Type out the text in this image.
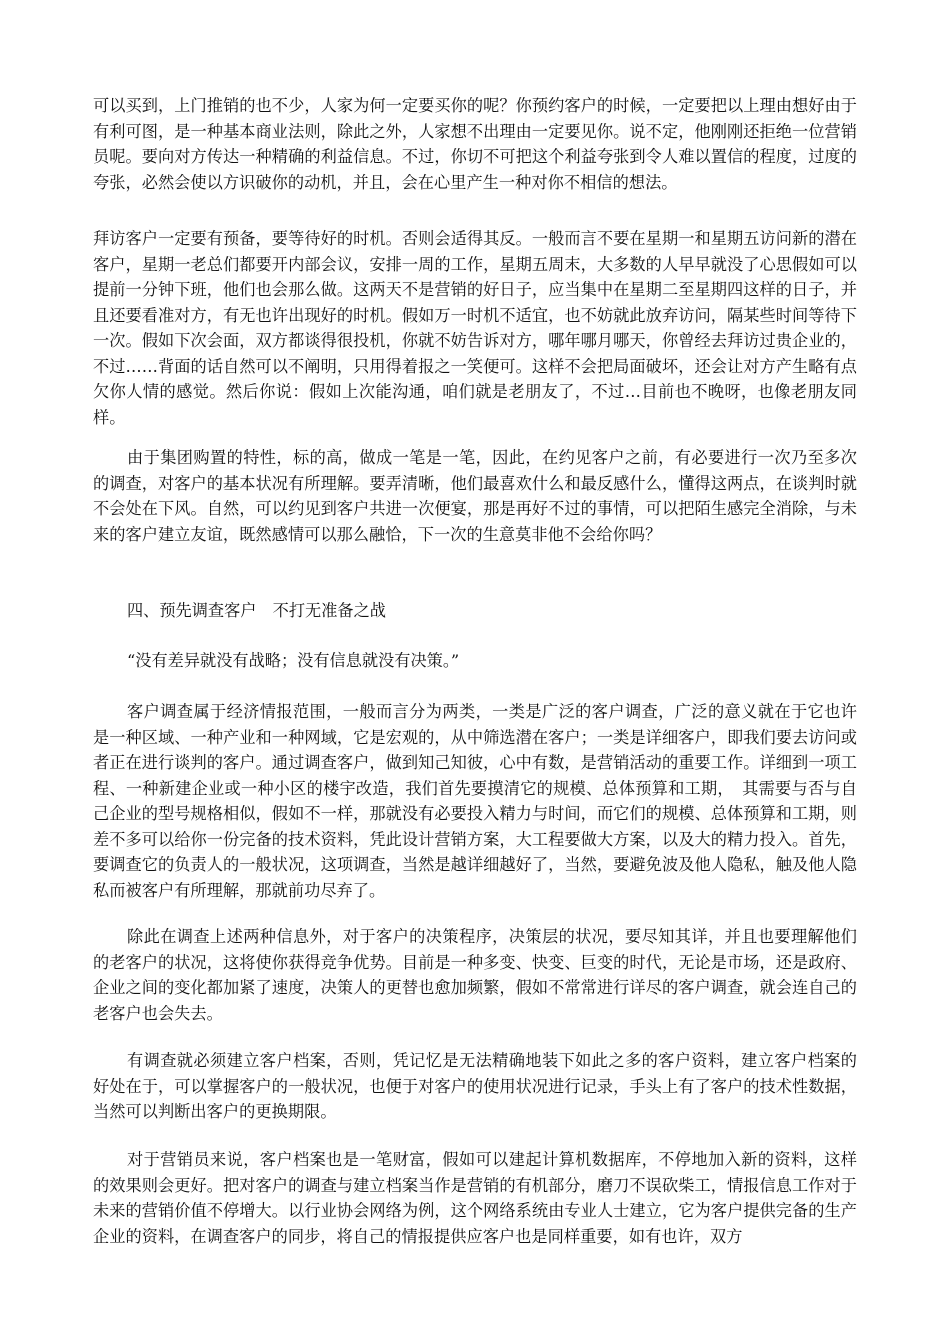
可以买到，上门推销的也不少，人家为何一定要买你的呢？你预约客户的时候，一定要把以上理由想好由于有利可图，是一种基本商业法则，除此之外，人家想不出理由一定要见你。说不定，他刚刚还拒绝一位营销员呢。要向对方传达一种精确的利益信息。不过，你切不可把这个利益夸张到令人难以置信的程度，过度的夸张，必然会使以方识破你的动机，并且，会在心里产生一种对你不相信的想法。

拜访客户一定要有预备，要等待好的时机。否则会适得其反。一般而言不要在星期一和星期五访问新的潜在客户，星期一老总们都要开内部会议，安排一周的工作，星期五周末，大多数的人早早就没了心思假如可以提前一分钟下班，他们也会那么做。这两天不是营销的好日子，应当集中在星期二至星期四这样的日子，并且还要看准对方，有无也许出现好的时机。假如万一时机不适宜，也不妨就此放弃访问，隔某些时间等待下一次。假如下次会面，双方都谈得很投机，你就不妨告诉对方，哪年哪月哪天，你曾经去拜访过贵企业的，不过……背面的话自然可以不阐明，只用得着报之一笑便可。这样不会把局面破坏，还会让对方产生略有点欠你人情的感觉。然后你说：假如上次能沟通，咱们就是老朋友了，不过…目前也不晚呀，也像老朋友同样。

由于集团购置的特性，标的高，做成一笔是一笔，因此，在约见客户之前，有必要进行一次乃至多次的调查，对客户的基本状况有所理解。要弄清晰，他们最喜欢什么和最反感什么，懂得这两点，在谈判时就不会处在下风。自然，可以约见到客户共进一次便宴，那是再好不过的事情，可以把陌生感完全消除，与未来的客户建立友谊，既然感情可以那么融恰，下一次的生意莫非他不会给你吗？

四、预先调查客户　不打无准备之战

“没有差异就没有战略；没有信息就没有决策。”

客户调查属于经济情报范围，一般而言分为两类，一类是广泛的客户调查，广泛的意义就在于它也许是一种区域、一种产业和一种网域，它是宏观的，从中筛选潜在客户；一类是详细客户，即我们要去访问或者正在进行谈判的客户。通过调查客户，做到知己知彼，心中有数，是营销活动的重要工作。详细到一项工程、一种新建企业或一种小区的楼宇改造，我们首先要摸清它的规模、总体预算和工期，　其需要与否与自己企业的型号规格相似，假如不一样，那就没有必要投入精力与时间，而它们的规模、总体预算和工期，则差不多可以给你一份完备的技术资料，凭此设计营销方案，大工程要做大方案，以及大的精力投入。首先，要调查它的负责人的一般状况，这项调查，当然是越详细越好了，当然，要避免波及他人隐私，触及他人隐私而被客户有所理解，那就前功尽弃了。

除此在调查上述两种信息外，对于客户的决策程序，决策层的状况，要尽知其详，并且也要理解他们的老客户的状况，这将使你获得竞争优势。目前是一种多变、快变、巨变的时代，无论是市场，还是政府、企业之间的变化都加紧了速度，决策人的更替也愈加频繁，假如不常常进行详尽的客户调查，就会连自己的老客户也会失去。

有调查就必须建立客户档案，否则，凭记忆是无法精确地装下如此之多的客户资料，建立客户档案的好处在于，可以掌握客户的一般状况，也便于对客户的使用状况进行记录，手头上有了客户的技术性数据，当然可以判断出客户的更换期限。

对于营销员来说，客户档案也是一笔财富，假如可以建起计算机数据库，不停地加入新的资料，这样的效果则会更好。把对客户的调查与建立档案当作是营销的有机部分，磨刀不误砍柴工，情报信息工作对于未来的营销价值不停增大。以行业协会网络为例，这个网络系统由专业人士建立，它为客户提供完备的生产企业的资料，在调查客户的同步，将自己的情报提供应客户也是同样重要，如有也许，双方
